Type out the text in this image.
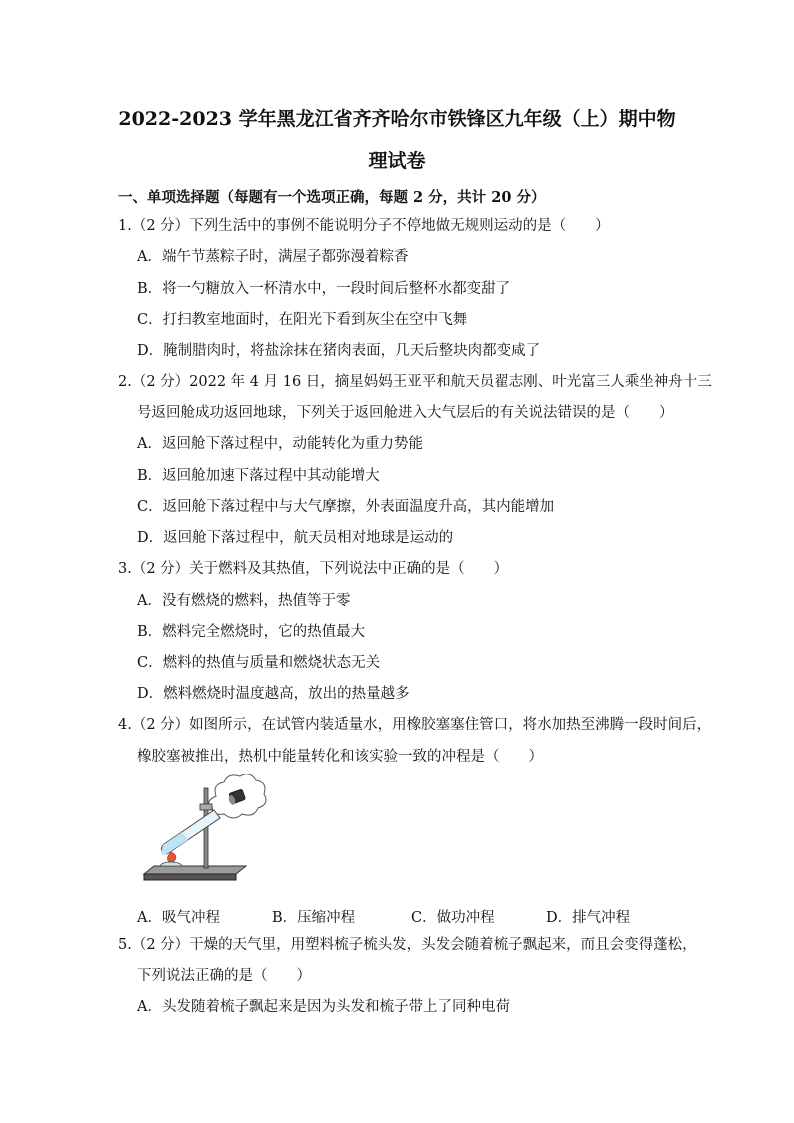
2022-2023 学年黑龙江省齐齐哈尔市铁锋区九年级（上）期中物
理试卷
一、单项选择题（每题有一个选项正确，每题 2 分，共计 20 分）
1.（2 分）下列生活中的事例不能说明分子不停地做无规则运动的是（　　）
A．端午节蒸粽子时，满屋子都弥漫着粽香
B．将一勺糖放入一杯清水中，一段时间后整杯水都变甜了
C．打扫教室地面时，在阳光下看到灰尘在空中飞舞
D．腌制腊肉时，将盐涂抹在猪肉表面，几天后整块肉都变咸了
2.（2 分）2022 年 4 月 16 日，摘星妈妈王亚平和航天员翟志刚、叶光富三人乘坐神舟十三
号返回舱成功返回地球，下列关于返回舱进入大气层后的有关说法错误的是（　　）
A．返回舱下落过程中，动能转化为重力势能
B．返回舱加速下落过程中其动能增大
C．返回舱下落过程中与大气摩擦，外表面温度升高，其内能增加
D．返回舱下落过程中，航天员相对地球是运动的
3.（2 分）关于燃料及其热值，下列说法中正确的是（　　）
A．没有燃烧的燃料，热值等于零
B．燃料完全燃烧时，它的热值最大
C．燃料的热值与质量和燃烧状态无关
D．燃料燃烧时温度越高，放出的热量越多
4.（2 分）如图所示，在试管内装适量水，用橡胶塞塞住管口，将水加热至沸腾一段时间后，
橡胶塞被推出，热机中能量转化和该实验一致的冲程是（　　）
A．吸气冲程	B．压缩冲程	C．做功冲程	D．排气冲程
5.（2 分）干燥的天气里，用塑料梳子梳头发，头发会随着梳子飘起来，而且会变得蓬松，
下列说法正确的是（　　）
A．头发随着梳子飘起来是因为头发和梳子带上了同种电荷
